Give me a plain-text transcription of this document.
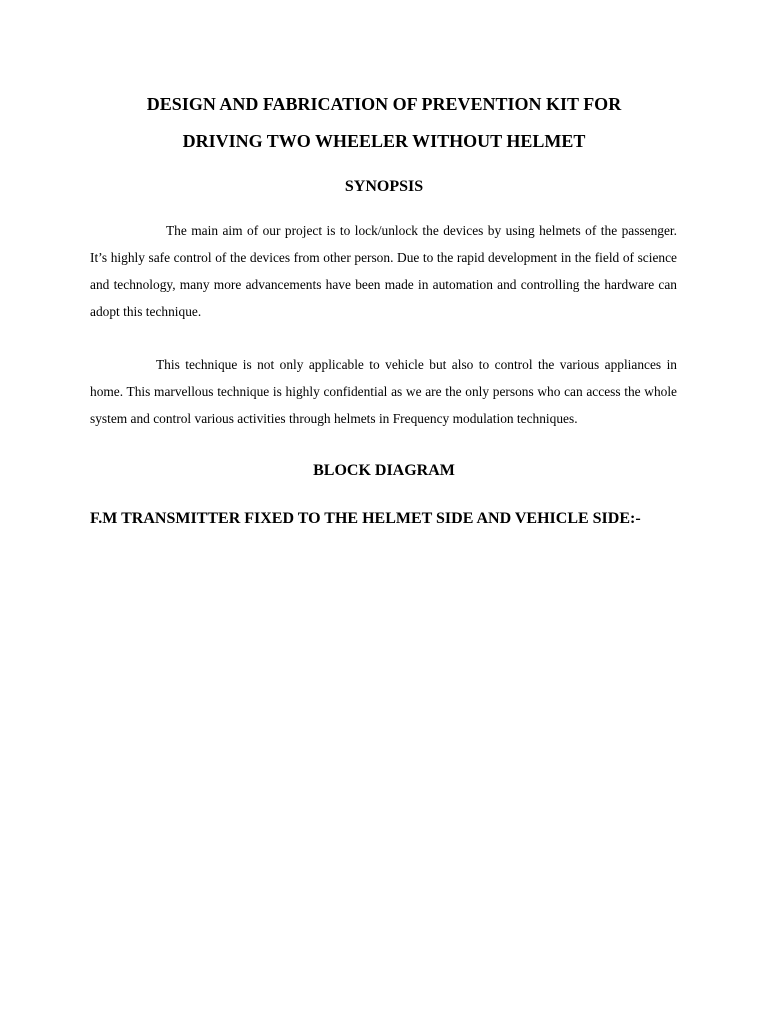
DESIGN AND FABRICATION OF PREVENTION KIT FOR
DRIVING TWO WHEELER WITHOUT HELMET
SYNOPSIS

The main aim of our project is to lock/unlock the devices by using helmets of the passenger. It’s highly safe control of the devices from other person. Due to the rapid development in the field of science and technology, many more advancements have been made in automation and controlling the hardware can adopt this technique.

This technique is not only applicable to vehicle but also to control the various appliances in home. This marvellous technique is highly confidential as we are the only persons who can access the whole system and control various activities through helmets in Frequency modulation techniques.

BLOCK DIAGRAM
F.M TRANSMITTER FIXED TO THE HELMET SIDE AND VEHICLE SIDE:-
